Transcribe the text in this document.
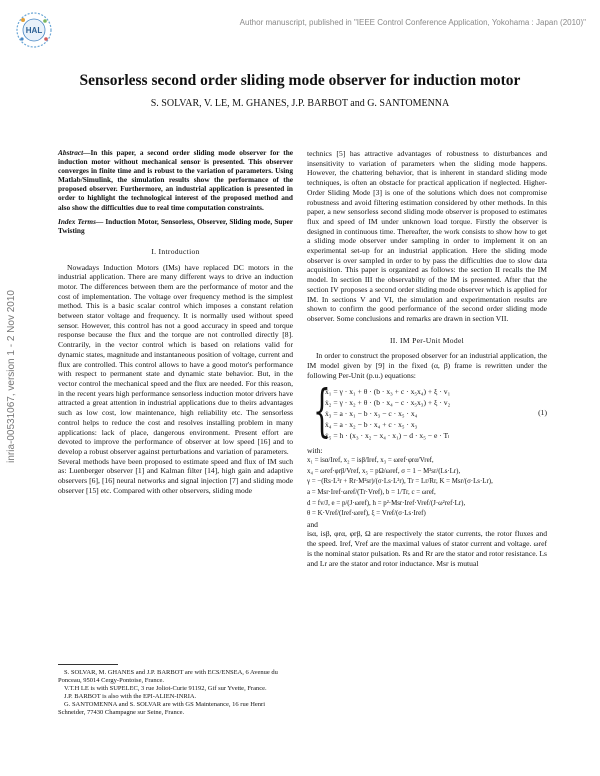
HAL
Author manuscript, published in "IEEE Control Conference Application, Yokohama : Japan (2010)"
inria-00531067, version 1 - 2 Nov 2010
Sensorless second order sliding mode observer for induction motor
S. SOLVAR, V. LE, M. GHANES, J.P. BARBOT and G. SANTOMENNA

Abstract—In this paper, a second order sliding mode observer for the induction motor without mechanical sensor is presented. This observer converges in finite time and is robust to the variation of parameters. Using Matlab/Simulink, the simulation results show the performance of the proposed observer. Furthermore, an industrial application is presented in order to highlight the technological interest of the proposed method and also show the difficulties due to real time computation constraints.

Index Terms— Induction Motor, Sensorless, Observer, Sliding mode, Super Twisting

I. Introduction

Nowadays Induction Motors (IMs) have replaced DC motors in the industrial application. There are many different ways to drive an induction motor. The differences between them are the performance of motor and the cost of implementation. The voltage over frequency method is the simplest method. This is a basic scalar control which imposes a constant relation between stator voltage and frequency. It is normally used without speed sensor. However, this control has not a good accuracy in speed and torque response because the flux and the torque are not controlled directly [8]. Contrarily, in the vector control which is based on relations valid for dynamic states, magnitude and instantaneous position of voltage, current and flux are controlled. This control allows to have a good motor's performance with respect to permanent state and dynamic state behavior. But, in the vector control the mechanical speed and the flux are needed. For this reason, in the recent years high performance sensorless induction motor drivers have attracted a great attention in industrial applications due to theirs advantages such as low cost, low maintenance, high reliability etc. The sensorless control helps to reduce the cost and resolves installing problem in many applications: lack of place, dangerous environment. Present effort are devoted to improve the performance of observer at low speed [16] and to develop a robust observer against perturbations and variation of parameters.

Several methods have been proposed to estimate speed and flux of IM such as: Luenberger observer [1] and Kalman filter [14], high gain and adaptive observers [6], [16] neural networks and signal injection [7] and sliding mode observer [15] etc. Compared with other observers, sliding mode

S. SOLVAR, M. GHANES and J.P. BARBOT are with ECS/ENSEA, 6 Avenue du Ponceau, 95014 Cergy-Pontoise, France.

V.T.H LE is with SUPELEC, 3 rue Joliot-Curie 91192, Gif sur Yvette, France.

J.P. BARBOT is also with the EPI-ALIEN-INRIA.

G. SANTOMENNA and S. SOLVAR are with GS Maintenance, 16 rue Henri Schneider, 77430 Champagne sur Seine, France.

technics [5] has attractive advantages of robustness to disturbances and insensitivity to variation of parameters when the sliding mode happens. However, the chattering behavior, that is inherent in standard sliding mode techniques, is often an obstacle for practical application if neglected. Higher-Order Sliding Mode [3] is one of the solutions which does not compromise robustness and avoid filtering estimation considered by other methods. In this paper, a new sensorless second sliding mode observer is proposed to estimates flux and speed of IM under unknown load torque. Firstly the observer is designed in continuous time. Thereafter, the work consists to show how to get a sliding mode observer under sampling in order to implement it on an experimental set-up for an industrial application. Here the sliding mode observer is over sampled in order to by pass the difficulties due to slow data acquisition. This paper is organized as follows: the section II recalls the IM model. In section III the observabilty of the IM is presented. After that the section IV proposes a second order sliding mode observer which is applied for IM. In sections V and VI, the simulation and experimentation results are shown to confirm the good performance of the second order sliding mode observer. Some conclusions and remarks are drawn in section VII.

II. IM Per-Unit Model

In order to construct the proposed observer for an industrial application, the IM model given by [9] in the fixed (α, β) frame is rewritten under the following Per-Unit (p.u.) equations:

{
ẋ₁ = γ · x₁ + θ · (b · x₃ + c · x₅x₄) + ξ · v₁
ẋ₂ = γ · x₂ + θ · (b · x₄ − c · x₅x₃) + ξ · v₂
ẋ₃ = a · x₁ − b · x₃ − c · x₅ · x₄
ẋ₄ = a · x₂ − b · x₄ + c · x₅ · x₃
ẋ₅ = h · (x₃ · x₂ − x₄ · x₁) − d · x₅ − e · Tₗ
(1)

with:

x₁ = isα/Iref, x₂ = isβ/Iref, x₃ = ωref·φrα/Vref,
x₄ = ωref·φrβ/Vref, x₅ = pΩ/ωref, σ = 1 − M²sr/(Ls·Lr),
γ = −(Rs·L²r + Rr·M²sr)/(σ·Ls·L²r), Tr = Lr/Rr, K = Msr/(σ·Ls·Lr),
a = Msr·Iref·ωref/(Tr·Vref), b = 1/Tr, c = ωref,
d = fv/J, e = p/(J·ωref), h = p²·Msr·Iref·Vref/(J·ω²ref·Lr),
θ = K·Vref/(Iref·ωref), ξ = Vref/(σ·Ls·Iref)

and

isα, isβ, φrα, φrβ, Ω are respectively the stator currents, the rotor fluxes and the speed. Iref, Vref are the maximal values of stator current and voltage. ωref is the nominal stator pulsation. Rs and Rr are the stator and rotor resistance. Ls and Lr are the stator and rotor inductance. Msr is mutual
